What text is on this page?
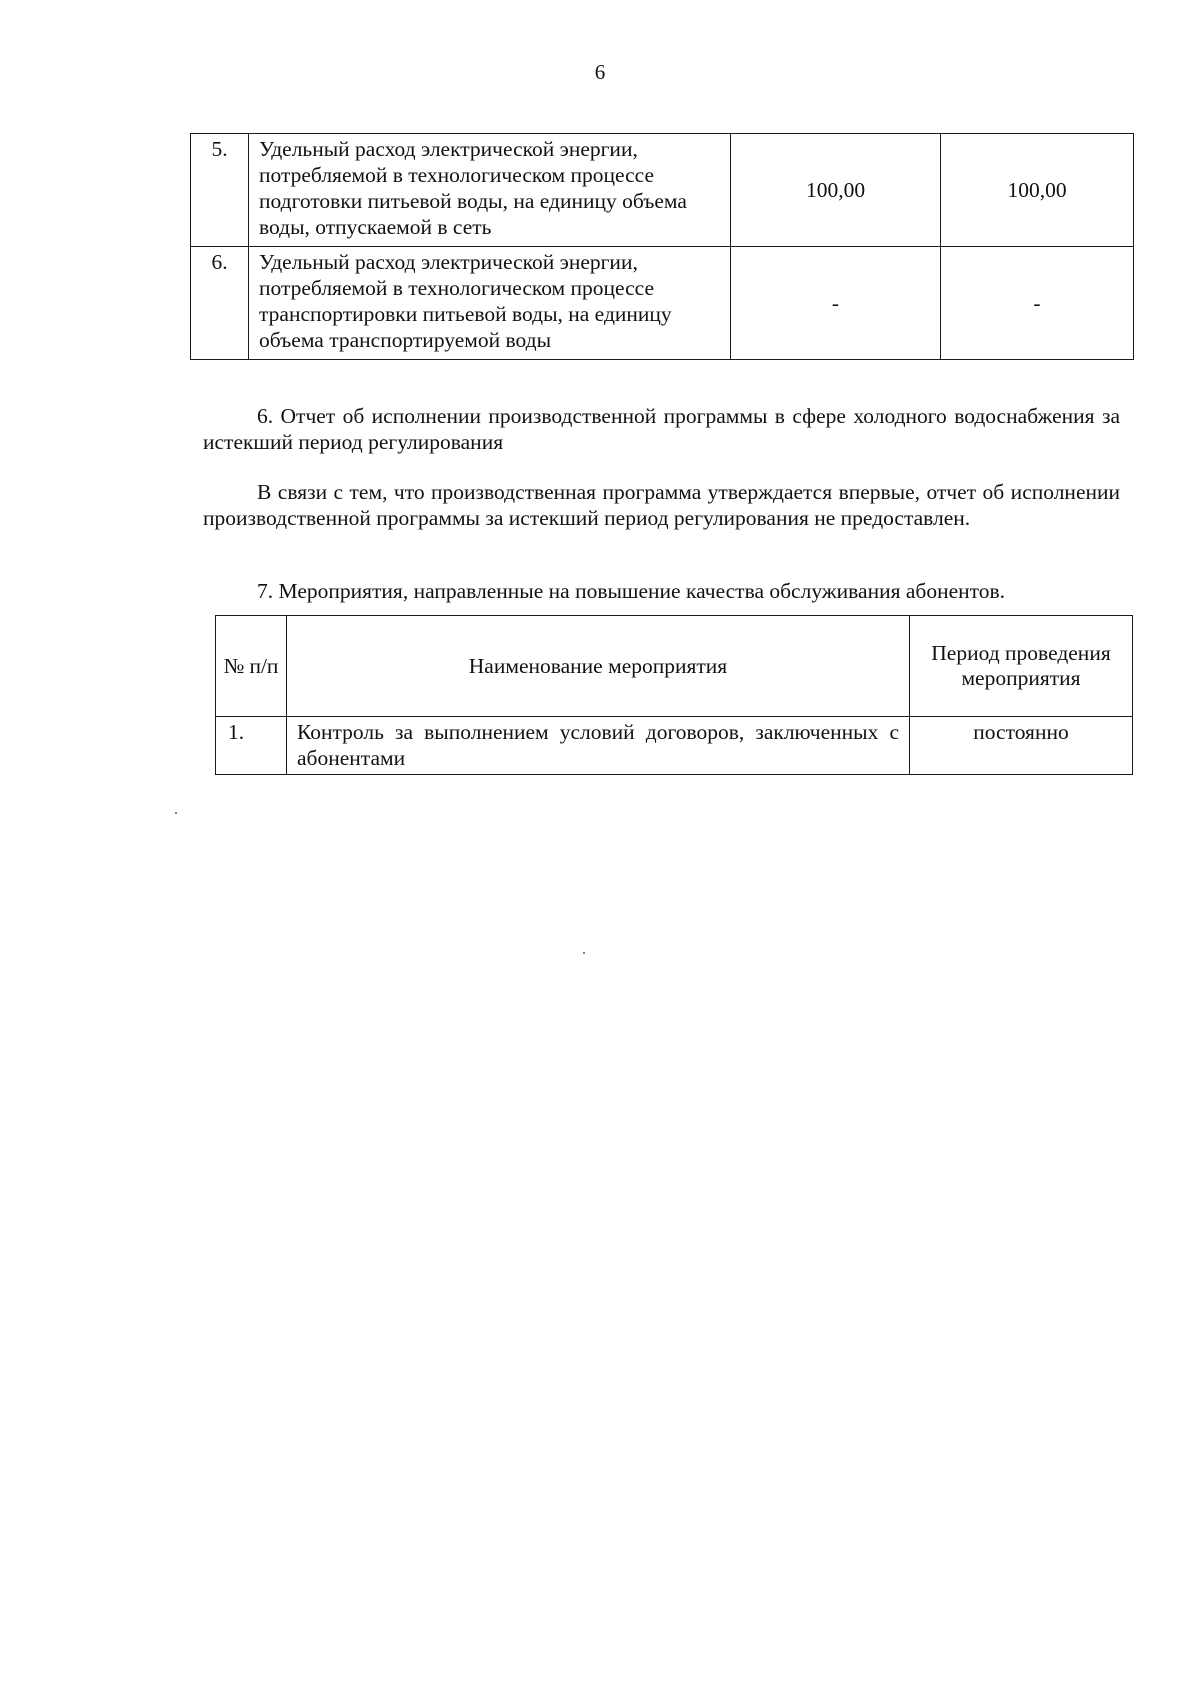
6
5.	Удельный расход электрической энергии, потребляемой в технологическом процессе подготовки питьевой воды, на единицу объема воды, отпускаемой в сеть	100,00	100,00
6.	Удельный расход электрической энергии, потребляемой в технологическом процессе транспортировки питьевой воды, на единицу объема транспортируемой воды	-	-

6. Отчет об исполнении производственной программы в сфере холодного водоснабжения за истекший период регулирования

В связи с тем, что производственная программа утверждается впервые, отчет об исполнении производственной программы за истекший период регулирования не предоставлен.

7. Мероприятия, направленные на повышение качества обслуживания абонентов.

№ п/п	Наименование мероприятия	Период проведения мероприятия
1.	Контроль за выполнением условий договоров, заключенных с абонентами	постоянно
